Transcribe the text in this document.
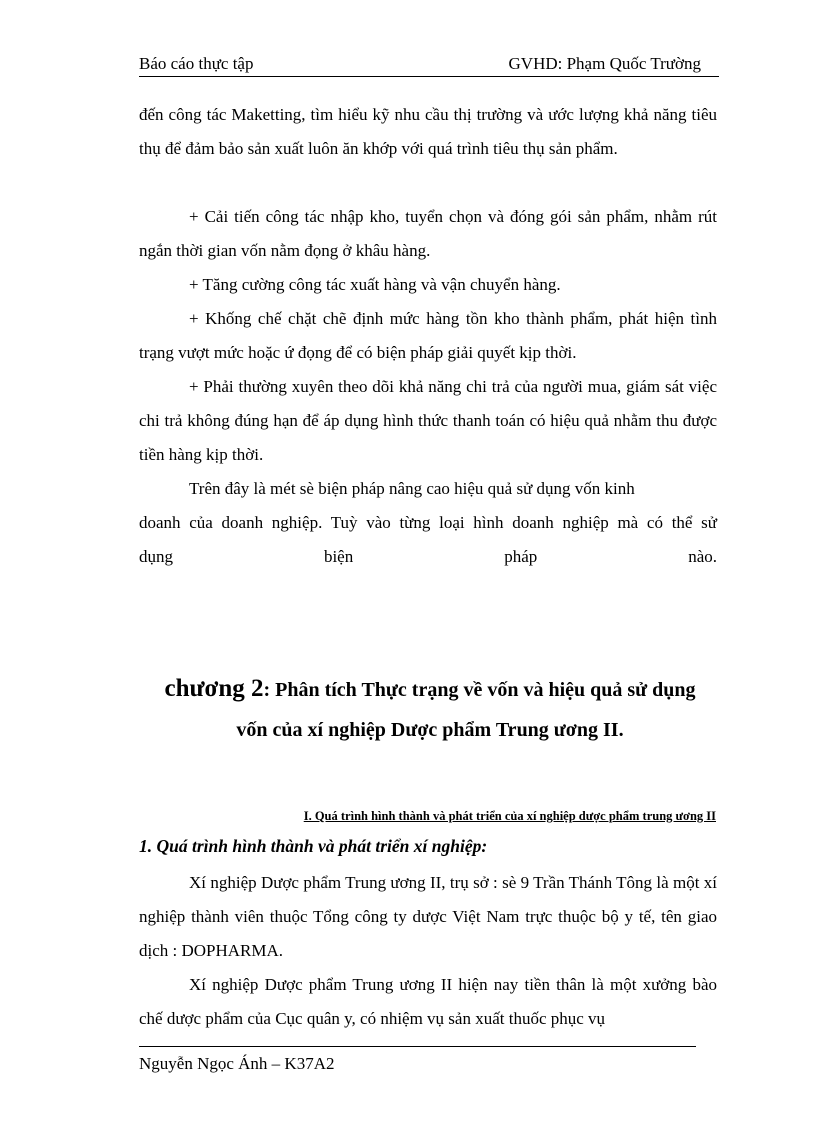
Báo cáo thực tập	GVHD: Phạm Quốc Trường
đến công tác Maketting, tìm hiểu kỹ nhu cầu thị trường và ước lượng khả năng tiêu thụ để đảm bảo sản xuất luôn ăn khớp với quá trình tiêu thụ sản phẩm.
+ Cải tiến công tác nhập kho, tuyển chọn và đóng gói sản phẩm, nhằm rút ngắn thời gian vốn nằm đọng ở khâu hàng.
+ Tăng cường công tác xuất hàng và vận chuyển hàng.
+ Khống chế chặt chẽ định mức hàng tồn kho thành phẩm, phát hiện tình trạng vượt mức hoặc ứ đọng để có biện pháp giải quyết kịp thời.
+ Phải thường xuyên theo dõi khả năng chi trả của người mua, giám sát việc chi trả không đúng hạn để áp dụng hình thức thanh toán có hiệu quả nhằm thu được tiền hàng kịp thời.
Trên đây là mét sè biện pháp nâng cao hiệu quả sử dụng vốn kinh
doanh của doanh nghiệp. Tuỳ vào từng loại hình doanh nghiệp mà có thể sử
dụng biện pháp nào.
chương 2: Phân tích Thực trạng về vốn và hiệu quả sử dụng
vốn của xí nghiệp Dược phẩm Trung ương II.
I. Quá trình hình thành và phát triển của xí nghiệp dược phẩm trung ương II
1. Quá trình hình thành và phát triển xí nghiệp:
Xí nghiệp Dược phẩm Trung ương II, trụ sở : sè 9 Trần Thánh Tông là một xí nghiệp thành viên thuộc Tổng công ty dược Việt Nam trực thuộc bộ y tế, tên giao dịch : DOPHARMA.
Xí nghiệp Dược phẩm Trung ương II hiện nay tiền thân là một xưởng bào chế dược phẩm của Cục quân y, có nhiệm vụ sản xuất thuốc phục vụ
Nguyễn Ngọc Ánh – K37A2
